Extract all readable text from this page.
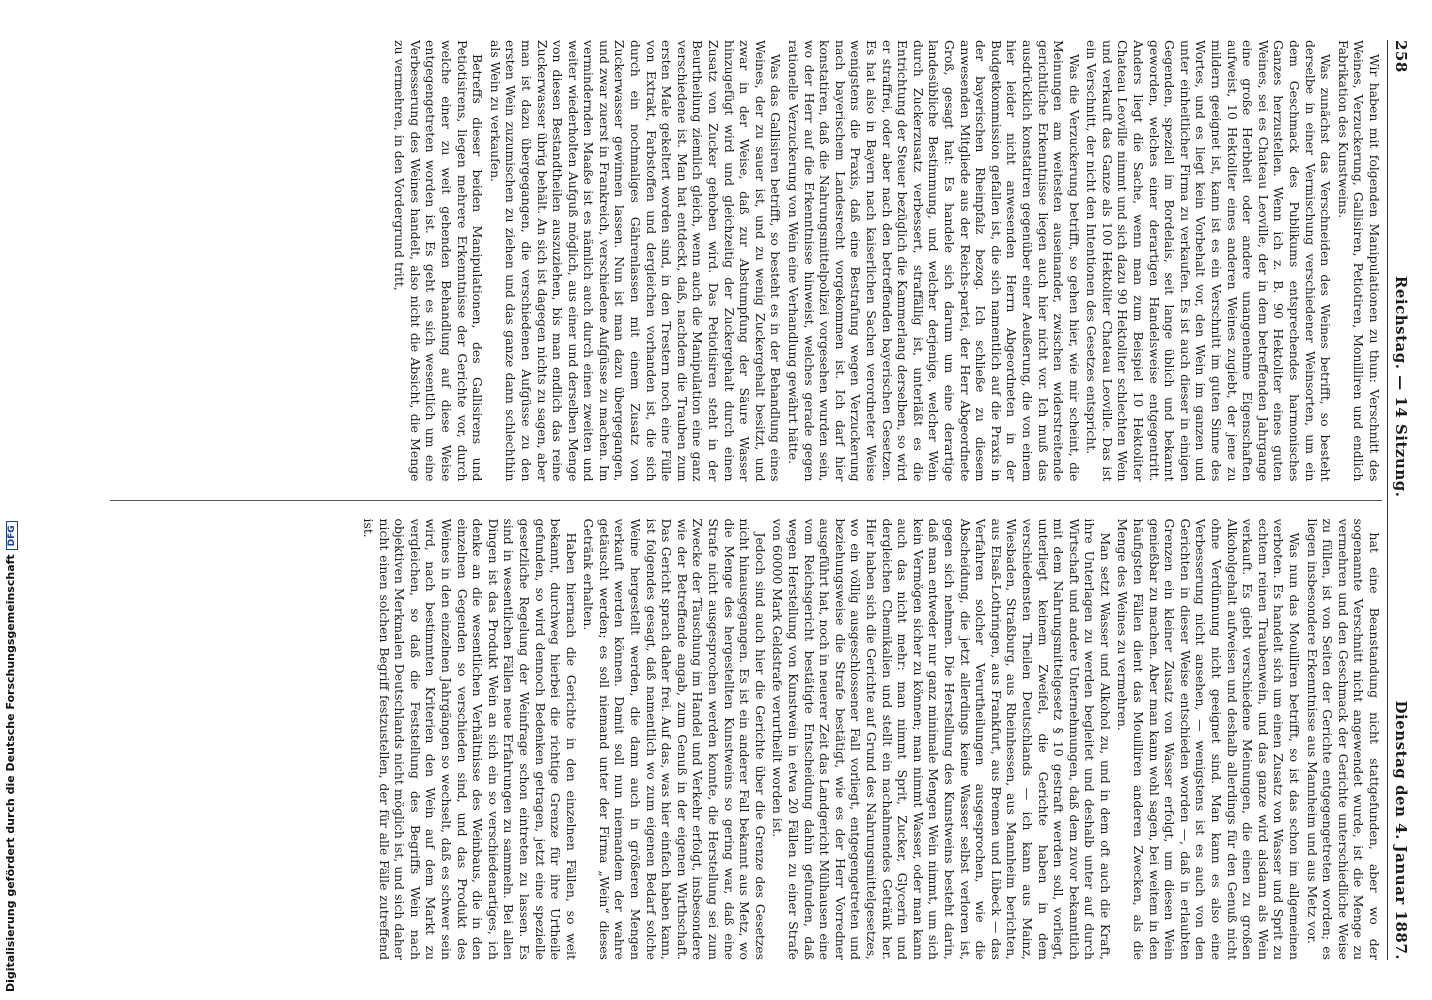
Digitalisierung gefördert durch die Deutsche ForschungsgemeinschaftDFG
258
Reichstag. — 14 Sitzung.
Dienstag den 4. Januar 1887.

Wir haben mit folgenden Manipulationen zu thun: Verschnitt des Weines, Verzuckerung, Gallisiren, Petiotiren, Monilliren und endlich Fabrikation des Kunstweins.

Was zunächst das Verschneiden des Weines betrifft, so besteht derselbe in einer Vermischung verschiedener Weinsorten, um ein dem Geschmack des Publikums entsprechendes harmonisches Ganzes herzustellen. Wenn ich z. B. 90 Hektoliter eines guten Weines, sei es Chateau Leoville, der in dem betreffenden Jahrgange eine große Herbheit oder andere unangenehme Eigenschaften aufweist, 10 Hektoliter eines anderen Weines zugiebt, der jene zu mildern geeignet ist, kann ist es ein Verschnitt im guten Sinne des Wortes, und es liegt kein Vorbehalt vor, den Wein im ganzen und unter einheitlicher Firma zu verkaufen. Es ist auch dieser in einigen Gegenden, speziell im Bordelais, seit lange üblich und bekannt geworden, welches einer derartigen Handelsweise entgegentritt. Anders liegt die Sache, wenn man zum Beispiel 10 Hektoliter Chateau Leoville nimmt und sich dazu 90 Hektoliter schlechten Wein und verkauft das Ganze als 100 Hektoliter Chateau Leoville. Das ist ein Verschnitt, der nicht den Intentionen des Gesetzes entspricht.

Was die Verzuckerung betrifft, so gehen hier, wie mir scheint, die Meinungen am weitesten auseinander, zwischen widerstreitende gerichtliche Erkenntnisse liegen auch hier nicht vor. Ich muß das ausdrücklich konstatiren gegenüber einer Aeußerung, die von einem hier leider nicht anwesenden Herrn Abgeordneten in der Budgetkommission gefallen ist, die sich namentlich auf die Praxis in der bayerischen Rheinpfalz bezog. Ich schließe zu diesem anwesenden Mitgliede aus der Reichs-partei, der Herr Abgeordnete Groß, gesagt hat: Es handele sich darum um eine derartige landesübliche Bestimmung, und welcher derjenige, welcher Wein durch Zuckerzusatz verbessert, straffällig ist, unterläßt es die Entrichtung der Steuer bezüglich die Kammerlang derselben, so wird er straffrei, oder aber nach den betreffenden bayerischen Gesetzen. Es hat also in Bayern nach kaiserlichen Sachen verordneter Weise wenigstens die Praxis, daß eine Bestrafung wegen Verzuckerung nach bayerischem Landesrecht vorgekommen ist. Ich darf hier konstatiren, daß die Nahrungsmittelpolizei vorgesehen wurden sein, wo der Herr auf die Erkenntnisse hinweist, welches gerade gegen rationelle Verzuckerung von Wein eine Verhandlung gewährt hätte.

Was das Gallisiren betrifft, so besteht es in der Behandlung eines Weines, der zu sauer ist, und zu wenig Zuckergehalt besitzt, und zwar in der Weise, daß zur Abstumpfung der Säure Wasser hinzugefügt wird und gleichzeitig der Zuckergehalt durch einen Zusatz von Zucker gehoben wird. Das Petiotisiren steht in der Beurtheilung ziemlich gleich, wenn auch die Manipulation eine ganz verschiedene ist. Man hat entdeckt, daß, nachdem die Trauben zum ersten Male gekeltert worden sind, in den Trestern noch eine Fülle von Extrakt, Farbstoffen und dergleichen vorhanden ist, die sich durch ein nochmaliges Gährenlassen mit einem Zusatz von Zuckerwasser gewinnen lassen. Nun ist man dazu übergegangen, und zwar zuerst in Frankreich, verschiedene Aufgüsse zu machen. Im vermindernden Maaße ist es nämlich auch durch einen zweiten und weiter wiederholten Aufguß möglich, aus einer und derselben Menge von diesen Bestandtheilen auszuziehen, bis man endlich das reine Zuckerwasser übrig behält. An sich ist dagegen nichts zu sagen, aber man ist dazu übergegangen, die verschiedenen Aufgüsse zu den ersten Wein zuzumischen zu ziehen und das ganze dann schlechthin als Wein zu verkaufen.

Betreffs dieser beiden Manipulationen, des Gallisirens und Petiotisirens, liegen mehrere Erkenntnisse der Gerichte vor, durch welche einer zu weit gehenden Behandlung auf diese Weise entgegengetreten worden ist. Es geht es sich wesentlich um eine Verbesserung des Weines handelt, also nicht die Absicht, die Menge zu vermehren, in den Vordergrund tritt,

hat eine Beanstandung nicht stattgefunden, aber wo der sogenannte Verschnitt nicht angewendet wurde, ist die Menge zu vermehren und den Geschmack der Gerichte unterschiedliche Weise zu füllen, ist von Seiten der Gerichte entgegengetreten worden; es liegen insbesondere Erkenntnisse aus Mannheim und aus Metz vor.

Was nun das Mouilliren betrifft, so ist das schon im allgemeinen verboten. Es handelt sich um einen Zusatz von Wasser und Sprit zu echtem reinen Traubenwein, und das ganze wird alsdann als Wein verkauft. Es giebt verschiedene Meinungen, die einen zu großen Alkoholgehalt aufweisen und deshalb allerdings für den Genuß nicht ohne Verdünnung nicht geeignet sind. Man kann es also eine Verbesserung nicht ansehen, — wenigstens ist es auch von den Gerichten in dieser Weise entschieden worden —, daß in erlaubten Grenzen ein kleiner Zusatz von Wasser erfolgt, um diesen Wein genießbar zu machen. Aber man kann wohl sagen, bei weitem in den häufigsten Fällen dient das Mouilliren anderen Zwecken, als die Menge des Weines zu vermehren.

Man setzt Wasser und Alkohol zu, und in dem oft auch die Kraft, ihre Unterlagen zu werden begleitet und deshalb unter auf durch Wirtschaft und andere Unternehmungen, daß dem zuvor bekanntlich mit dem Nahrungsmittelgesetz § 10 gestraft werden soll, vorliegt, unterliegt keinem Zweifel, die Gerichte haben in dem verschiedensten Theilen Deutschlands — ich kann aus Mainz, Wiesbaden, Straßburg, aus Rheinhessen, aus Mannheim berichten, aus Elsaß-Lothringen, aus Frankfurt, aus Bremen und Lübeck — das Verfahren solcher Verurtheilungen ausgesprochen, wie die Abscheidung, die jetzt allerdings keine Wasser selbst verloren ist, gegen sich nehmen. Die Herstellung des Kunstweins besteht darin, daß man entweder nur ganz minimale Mengen Wein nimmt, um sich kein Vermögen sicher zu können; man nimmt Wasser, oder man kann auch das nicht mehr: man nimmt Sprit, Zucker, Glycerin und dergleichen Chemikalien und stellt ein nachahmendes Getränk her. Hier haben sich die Gerichte auf Grund des Nahrungsmittelgesetzes, wo ein völlig ausgeschlossener Fall vorliegt, entgegengetreten und beziehungsweise die Strafe bestätigt, wie es der Herr Vorredner ausgeführt hat, noch in neuerer Zeit das Landgericht Mülhausen eine vom Reichsgericht bestätigte Entscheidung dahin gefunden, daß wegen Herstellung von Kunstwein in etwa 20 Fällen zu einer Strafe von 60000 Mark Geldstrafe verurtheilt worden ist.

Jedoch sind auch hier die Gerichte über die Grenze des Gesetzes nicht hinausgegangen. Es ist ein anderer Fall bekannt aus Metz, wo die Menge des hergestellten Kunstweins so gering war, daß eine Strafe nicht ausgesprochen werden konnte, die Herstellung sei zum Zwecke der Täuschung im Handel und Verkehr erfolgt, insbesondere wie der Betreffende angab, zum Genuß in der eigenen Wirthschaft. Das Gericht sprach daher frei. Auf das, was hier einfach haben kann, ist folgendes gesagt, daß namentlich wo zum eigenen Bedarf solche Weine hergestellt werden, die dann auch in größeren Mengen verkauft werden können. Damit soll nun niemandem der wahre getäuscht werden; es soll niemand unter der Firma „Wein“ dieses Getränk erhalten.

Haben hiernach die Gerichte in den einzelnen Fällen, so weit bekannt, durchweg hierbei die richtige Grenze für ihre Urtheile gefunden, so wird dennoch Bedenken getragen, jetzt eine spezielle gesetzliche Regelung der Weinfrage schon eintreten zu lassen. Es sind in wesentlichen Fällen neue Erfahrungen zu sammeln. Bei allen Dingen ist das Produkt Wein an sich ein so verschiedenartiges, ich denke an die wesentlichen Verhältnisse des Weinbaus, die in den einzelnen Gegenden so verschieden sind, und das Produkt des Weines in den einzelnen Jahrgängen so wechselt, daß es schwer sein wird, nach bestimmten Kriterien den Wein auf dem Markt zu vergleichen, so daß die Feststellung des Begriffs Wein nach objektiven Merkmalen Deutschlands nicht möglich ist, und sich daher nicht einen solchen Begriff festzustellen, der für alle Fälle zutreffend ist.
